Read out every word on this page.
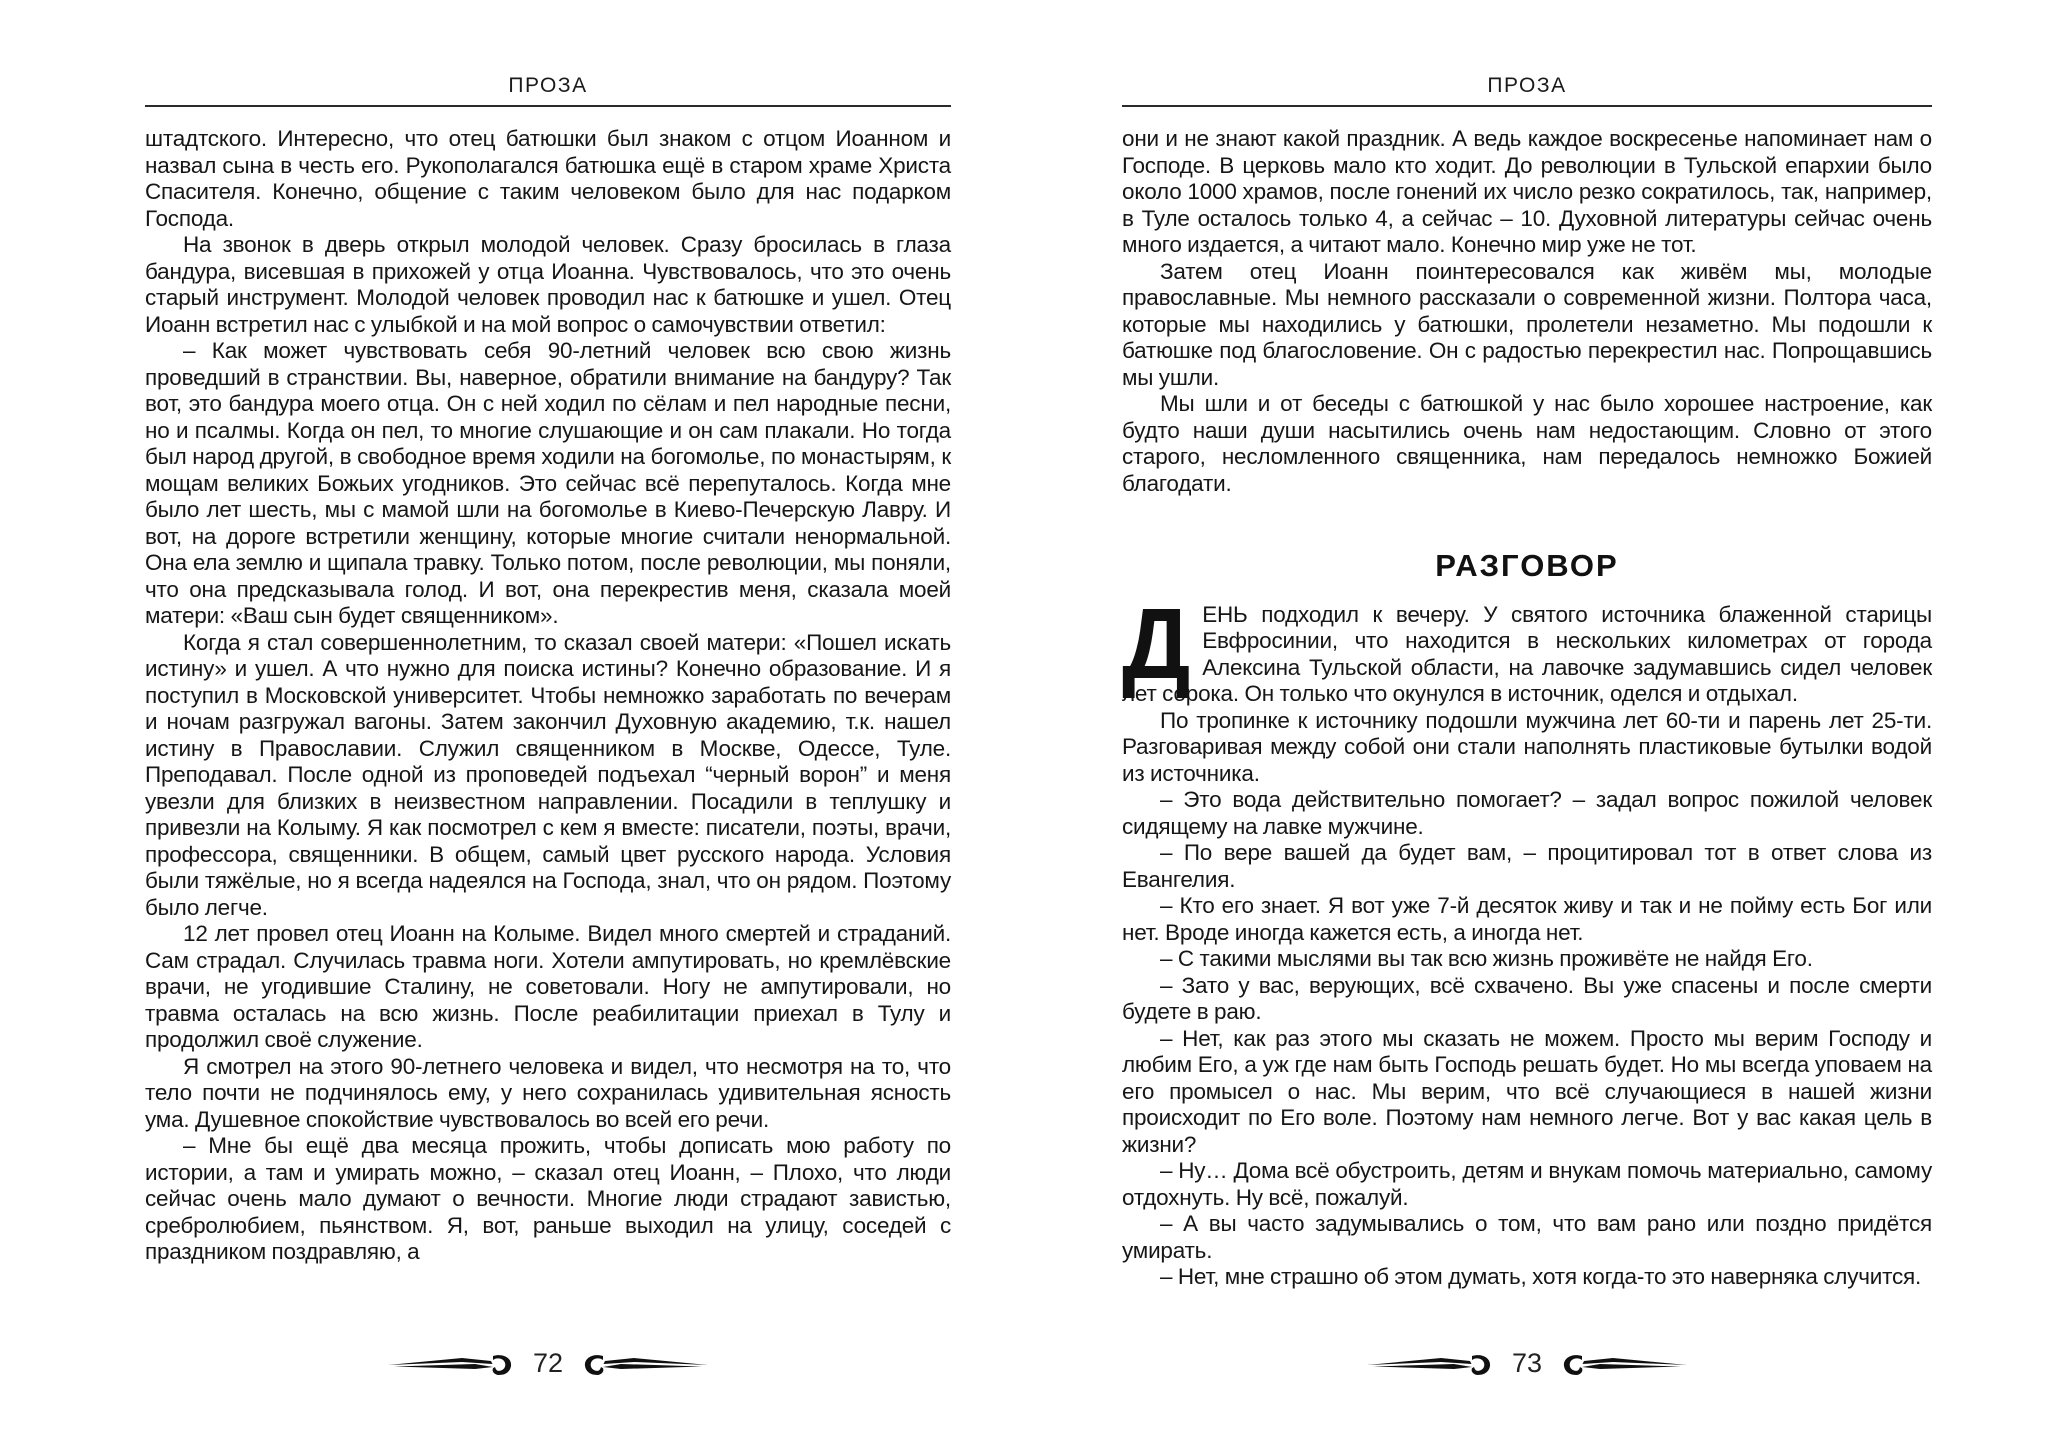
ПРОЗА

штадтского. Интересно, что отец батюшки был знаком с отцом Иоанном и назвал сына в честь его. Рукополагался батюшка ещё в старом храме Христа Спасителя. Конечно, общение с таким человеком было для нас подарком Господа.

На звонок в дверь открыл молодой человек. Сразу бросилась в глаза бандура, висевшая в прихожей у отца Иоанна. Чувствовалось, что это очень старый инструмент. Молодой человек проводил нас к батюшке и ушел. Отец Иоанн встретил нас с улыбкой и на мой вопрос о самочувствии ответил:

– Как может чувствовать себя 90-летний человек всю свою жизнь проведший в странствии. Вы, наверное, обратили внимание на бандуру? Так вот, это бандура моего отца. Он с ней ходил по сёлам и пел народные песни, но и псалмы. Когда он пел, то многие слушающие и он сам плакали. Но тогда был народ другой, в свободное время ходили на богомолье, по монастырям, к мощам великих Божьих угодников. Это сейчас всё перепуталось. Когда мне было лет шесть, мы с мамой шли на богомолье в Киево-Печерскую Лавру. И вот, на дороге встретили женщину, которые многие считали ненормальной. Она ела землю и щипала травку. Только потом, после революции, мы поняли, что она предсказывала голод. И вот, она перекрестив меня, сказала моей матери: «Ваш сын будет священником».

Когда я стал совершеннолетним, то сказал своей матери: «Пошел искать истину» и ушел. А что нужно для поиска истины? Конечно образование. И я поступил в Московской университет. Чтобы немножко заработать по вечерам и ночам разгружал вагоны. Затем закончил Духовную академию, т.к. нашел истину в Православии. Служил священником в Москве, Одессе, Туле. Преподавал. После одной из проповедей подъехал “черный ворон” и меня увезли для близких в неизвестном направлении. Посадили в теплушку и привезли на Колыму. Я как посмотрел с кем я вместе: писатели, поэты, врачи, профессора, священники. В общем, самый цвет русского народа. Условия были тяжёлые, но я всегда надеялся на Господа, знал, что он рядом. Поэтому было легче.

12 лет провел отец Иоанн на Колыме. Видел много смертей и страданий. Сам страдал. Случилась травма ноги. Хотели ампутировать, но кремлёвские врачи, не угодившие Сталину, не советовали. Ногу не ампутировали, но травма осталась на всю жизнь. После реабилитации приехал в Тулу и продолжил своё служение.

Я смотрел на этого 90-летнего человека и видел, что несмотря на то, что тело почти не подчинялось ему, у него сохранилась удивительная ясность ума. Душевное спокойствие чувствовалось во всей его речи.

– Мне бы ещё два месяца прожить, чтобы дописать мою работу по истории, а там и умирать можно, – сказал отец Иоанн, – Плохо, что люди сейчас очень мало думают о вечности. Многие люди страдают завистью, сребролюбием, пьянством. Я, вот, раньше выходил на улицу, соседей с праздником поздравляю, а

72
ПРОЗА

они и не знают какой праздник. А ведь каждое воскресенье напоминает нам о Господе. В церковь мало кто ходит. До революции в Тульской епархии было около 1000 храмов, после гонений их число резко сократилось, так, например, в Туле осталось только 4, а сейчас – 10. Духовной литературы сейчас очень много издается, а читают мало. Конечно мир уже не тот.

Затем отец Иоанн поинтересовался как живём мы, молодые православные. Мы немного рассказали о современной жизни. Полтора часа, которые мы находились у батюшки, пролетели незаметно. Мы подошли к батюшке под благословение. Он с радостью перекрестил нас. Попрощавшись мы ушли.

Мы шли и от беседы с батюшкой у нас было хорошее настроение, как будто наши души насытились очень нам недостающим. Словно от этого старого, несломленного священника, нам передалось немножко Божией благодати.

РАЗГОВОР

ДЕНЬ подходил к вечеру. У святого источника блаженной старицы Евфросинии, что находится в нескольких километрах от города Алексина Тульской области, на лавочке задумавшись сидел человек лет сорока. Он только что окунулся в источник, оделся и отдыхал.

По тропинке к источнику подошли мужчина лет 60-ти и парень лет 25-ти. Разговаривая между собой они стали наполнять пластиковые бутылки водой из источника.

– Это вода действительно помогает? – задал вопрос пожилой человек сидящему на лавке мужчине.

– По вере вашей да будет вам, – процитировал тот в ответ слова из Евангелия.

– Кто его знает. Я вот уже 7-й десяток живу и так и не пойму есть Бог или нет. Вроде иногда кажется есть, а иногда нет.

– С такими мыслями вы так всю жизнь проживёте не найдя Его.

– Зато у вас, верующих, всё схвачено. Вы уже спасены и после смерти будете в раю.

– Нет, как раз этого мы сказать не можем. Просто мы верим Господу и любим Его, а уж где нам быть Господь решать будет. Но мы всегда уповаем на его промысел о нас. Мы верим, что всё случающиеся в нашей жизни происходит по Его воле. Поэтому нам немного легче. Вот у вас какая цель в жизни?

– Ну… Дома всё обустроить, детям и внукам помочь материально, самому отдохнуть. Ну всё, пожалуй.

– А вы часто задумывались о том, что вам рано или поздно придётся умирать.

– Нет, мне страшно об этом думать, хотя когда-то это наверняка случится.

73
